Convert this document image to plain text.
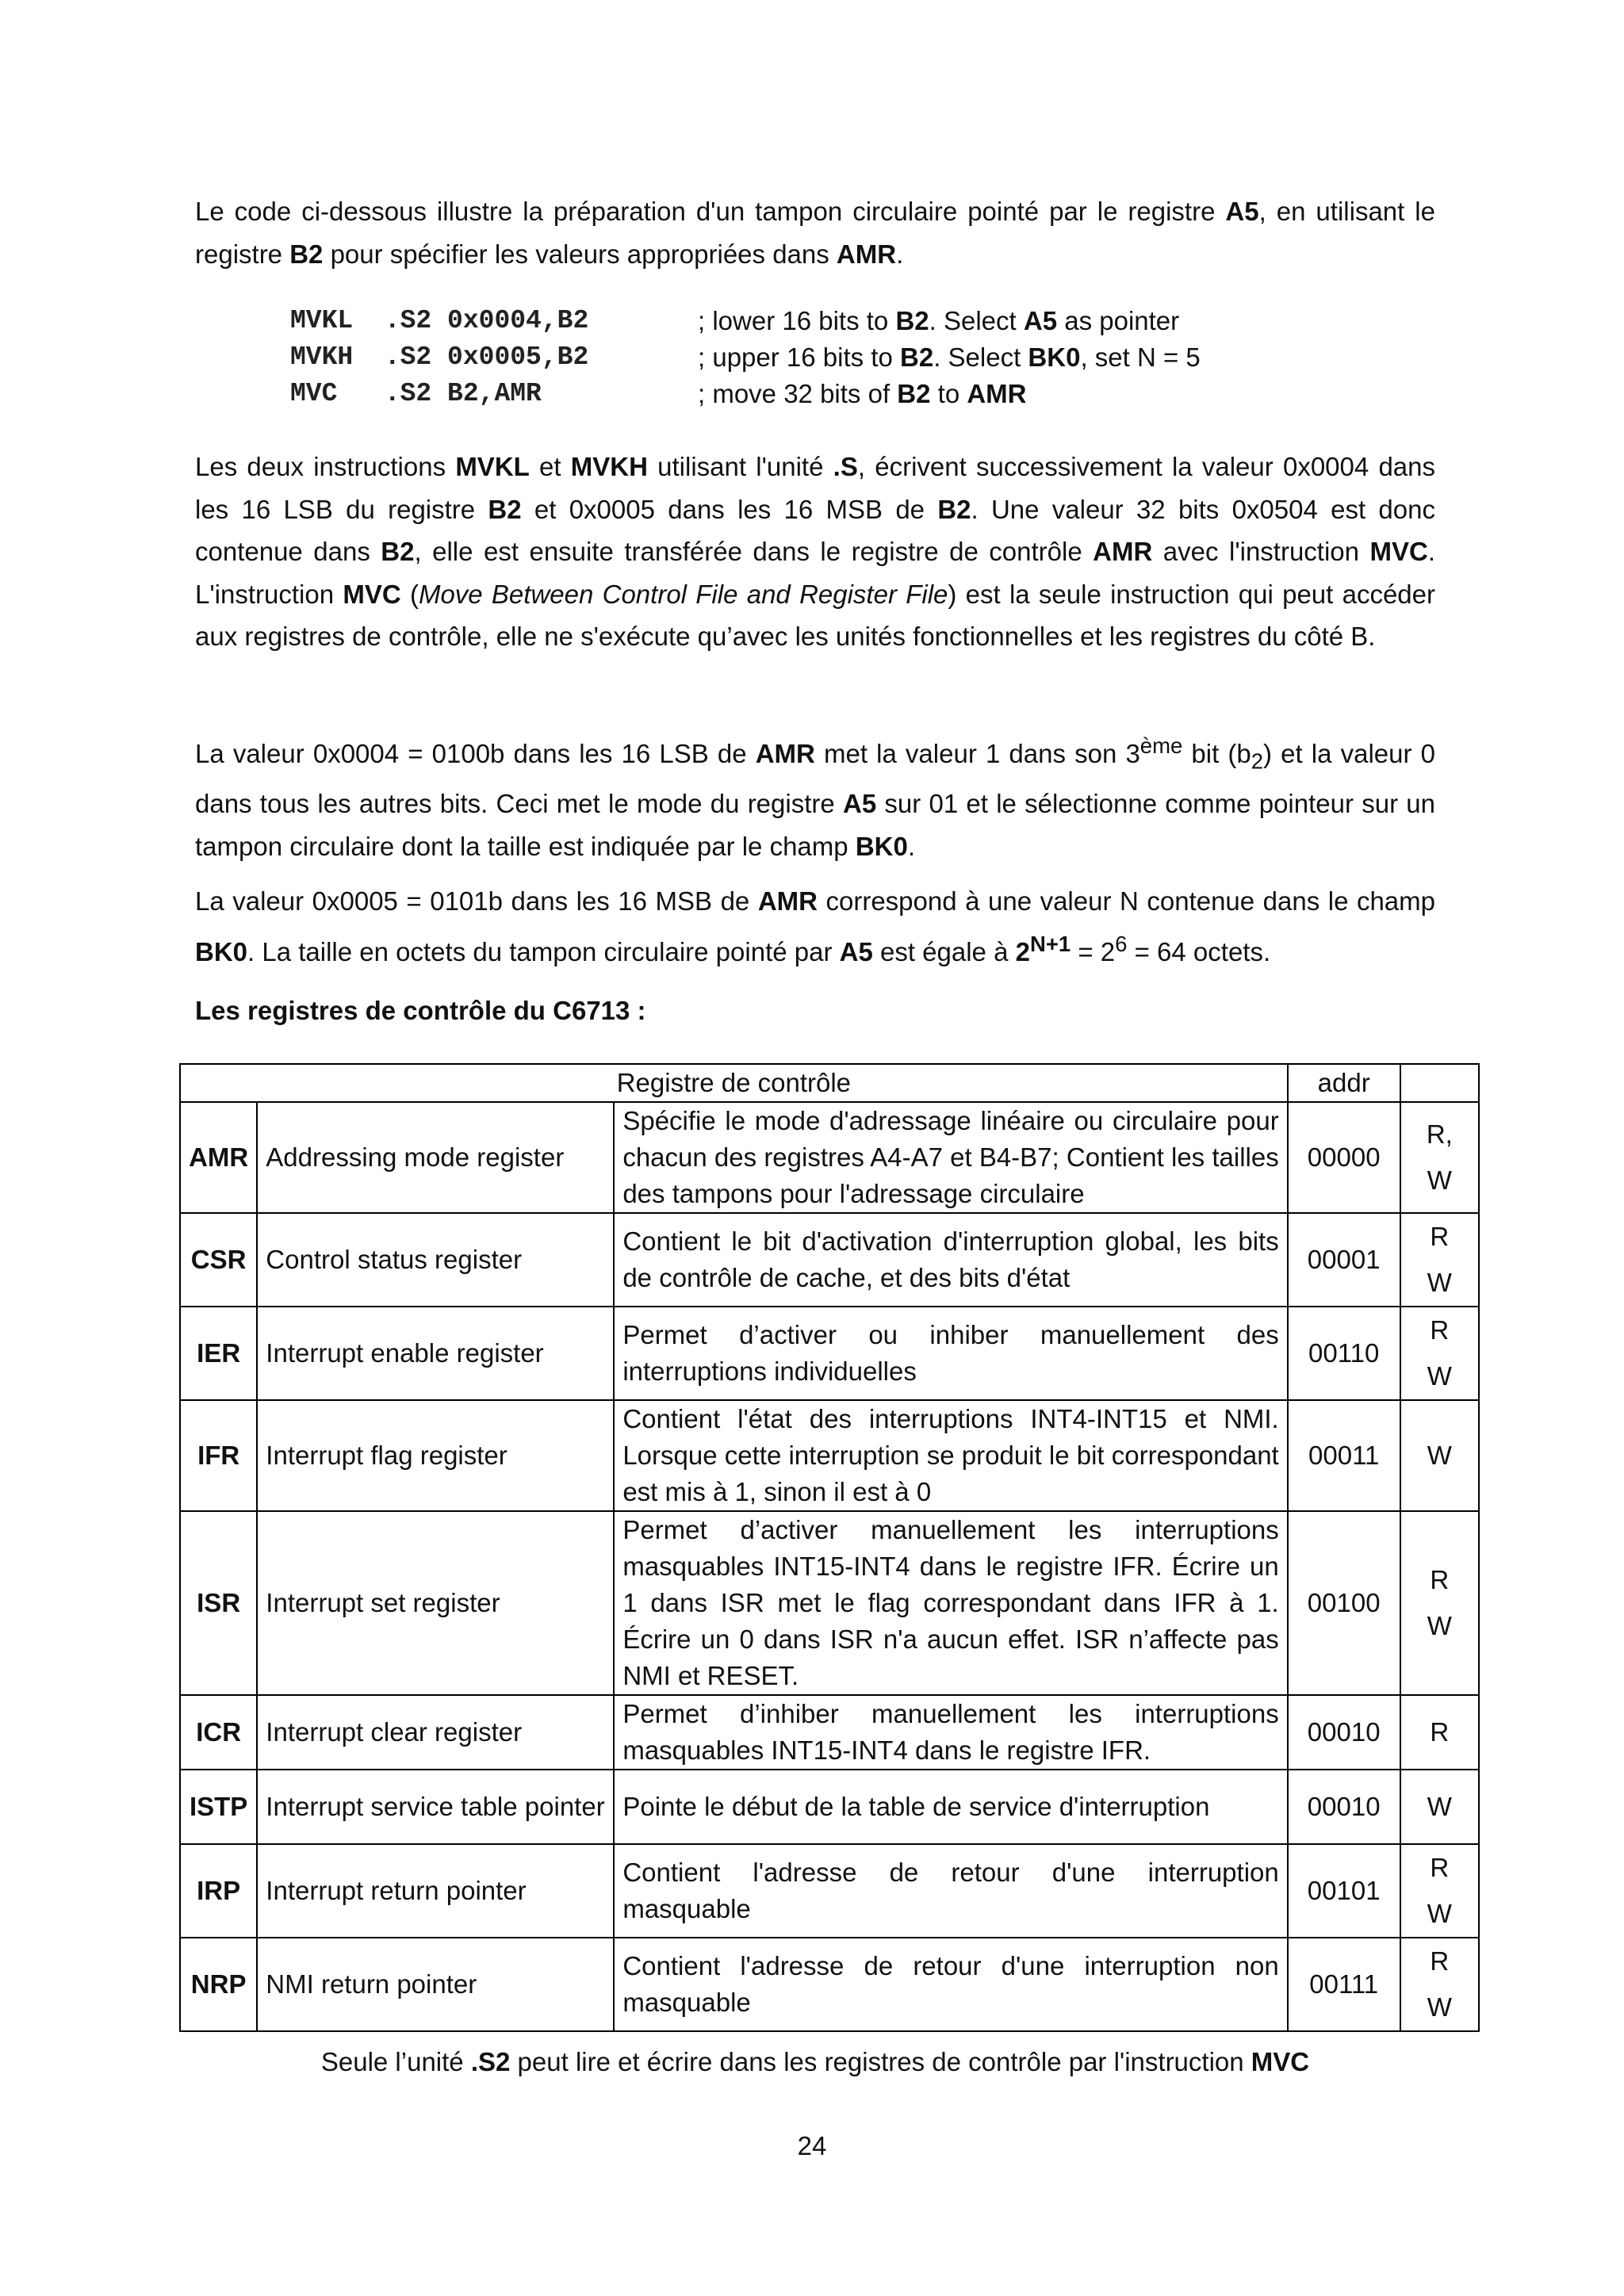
Le code ci-dessous illustre la préparation d'un tampon circulaire pointé par le registre A5, en utilisant le registre B2 pour spécifier les valeurs appropriées dans AMR.

MVKL  .S2 0x0004,B2	; lower 16 bits to B2. Select A5 as pointer
MVKH  .S2 0x0005,B2	; upper 16 bits to B2. Select BK0, set N = 5
MVC   .S2 B2,AMR	; move 32 bits of B2 to AMR

Les deux instructions MVKL et MVKH utilisant l'unité .S, écrivent successivement la valeur 0x0004 dans les 16 LSB du registre B2 et 0x0005 dans les 16 MSB de B2. Une valeur 32 bits 0x0504 est donc contenue dans B2, elle est ensuite transférée dans le registre de contrôle AMR avec l'instruction MVC. L'instruction MVC (Move Between Control File and Register File) est la seule instruction qui peut accéder aux registres de contrôle, elle ne s'exécute qu’avec les unités fonctionnelles et les registres du côté B.

La valeur 0x0004 = 0100b dans les 16 LSB de AMR met la valeur 1 dans son 3ème bit $(b_2)$ et la valeur 0 dans tous les autres bits. Ceci met le mode du registre A5 sur 01 et le sélectionne comme pointeur sur un tampon circulaire dont la taille est indiquée par le champ BK0.

La valeur 0x0005 = 0101b dans les 16 MSB de AMR correspond à une valeur N contenue dans le champ BK0. La taille en octets du tampon circulaire pointé par A5 est égale à $2^{N+1} = 2^6 = 64$ octets.

Les registres de contrôle du C6713 :

Registre de contrôle			addr	
AMR	Addressing mode register	Spécifie le mode d'adressage linéaire ou circulaire pour chacun des registres A4-A7 et B4-B7; Contient les tailles des tampons pour l'adressage circulaire	00000	R,
W

CSR	Control status register	Contient le bit d'activation d'interruption global, les bits de contrôle de cache, et des bits d'état	00001	R
W

IER	Interrupt enable register	Permet d’activer ou inhiber manuellement des interruptions individuelles	00110	R
W

IFR	Interrupt flag register	Contient l'état des interruptions INT4-INT15 et NMI. Lorsque cette interruption se produit le bit correspondant est mis à 1, sinon il est à 0	00011	W

ISR	Interrupt set register	Permet d’activer manuellement les interruptions masquables INT15-INT4 dans le registre IFR. Écrire un 1 dans ISR met le flag correspondant dans IFR à 1. Écrire un 0 dans ISR n'a aucun effet. ISR n’affecte pas NMI et RESET.	00100	R
W

ICR	Interrupt clear register	Permet d’inhiber manuellement les interruptions masquables INT15-INT4 dans le registre IFR.	00010	R

ISTP	Interrupt service table pointer	Pointe le début de la table de service d'interruption	00010	W

IRP	Interrupt return pointer	Contient l'adresse de retour d'une interruption masquable	00101	R
W

NRP	NMI return pointer	Contient l'adresse de retour d'une interruption non masquable	00111	R
W
Seule l’unité .S2 peut lire et écrire dans les registres de contrôle par l'instruction MVC
24
